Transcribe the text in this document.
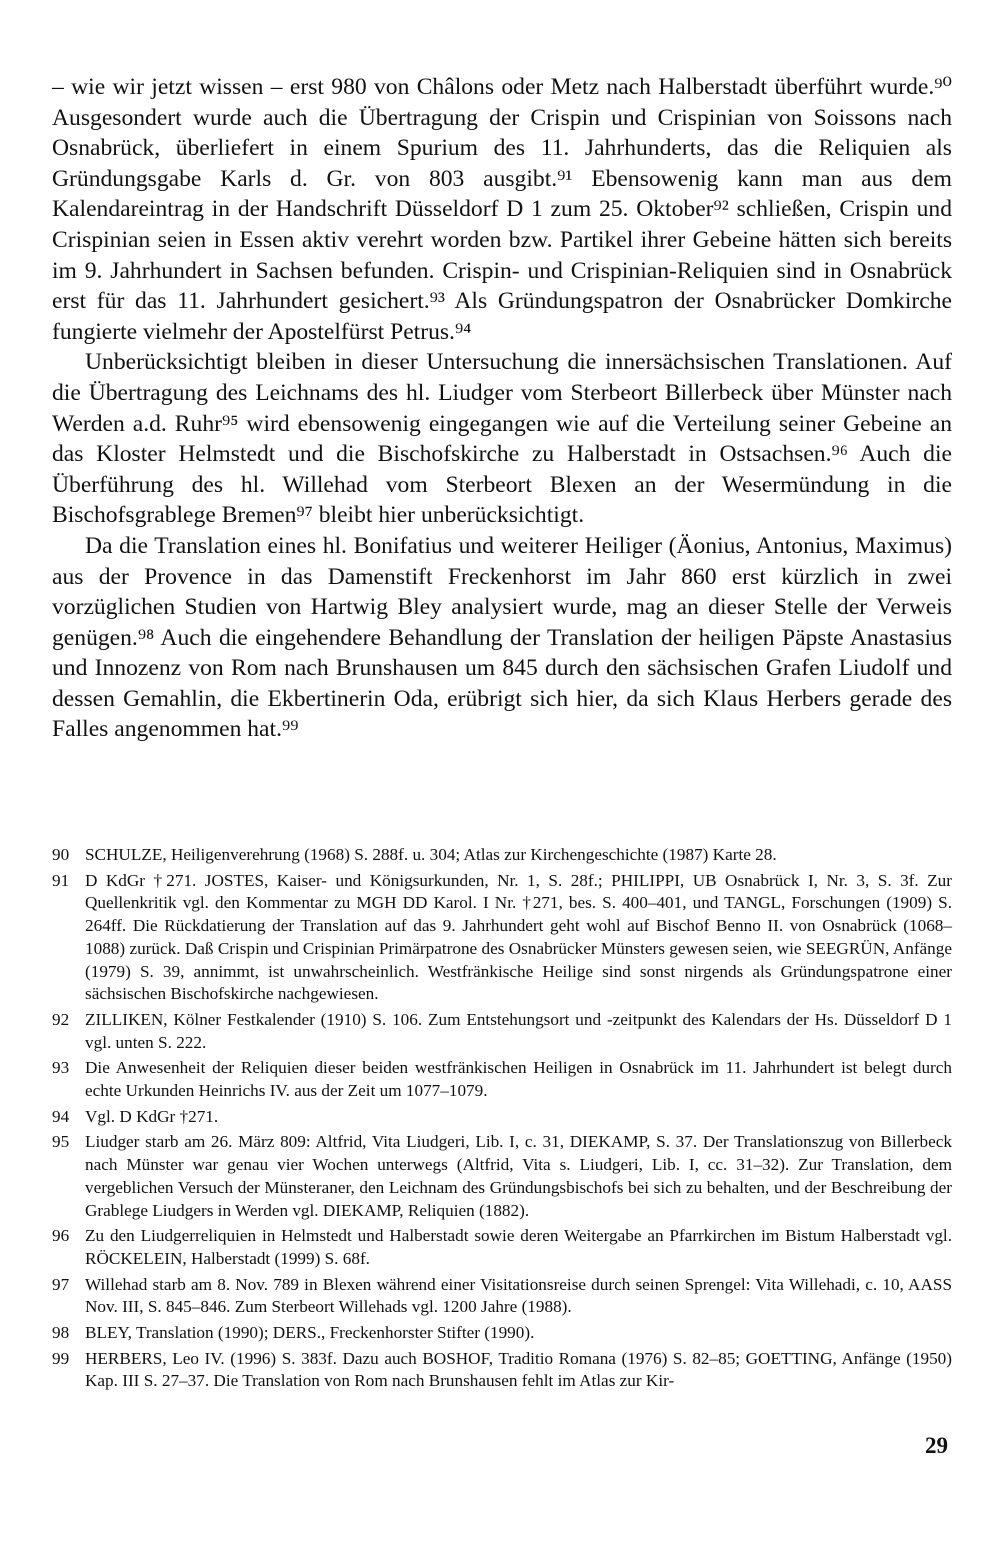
– wie wir jetzt wissen – erst 980 von Châlons oder Metz nach Halberstadt überführt wurde.⁹⁰ Ausgesondert wurde auch die Übertragung der Crispin und Crispinian von Soissons nach Osnabrück, überliefert in einem Spurium des 11. Jahrhunderts, das die Reliquien als Gründungsgabe Karls d. Gr. von 803 ausgibt.⁹¹ Ebensowenig kann man aus dem Kalendareintrag in der Handschrift Düsseldorf D 1 zum 25. Oktober⁹² schließen, Crispin und Crispinian seien in Essen aktiv verehrt worden bzw. Partikel ihrer Gebeine hätten sich bereits im 9. Jahrhundert in Sachsen befunden. Crispin- und Crispinian-Reliquien sind in Osnabrück erst für das 11. Jahrhundert gesichert.⁹³ Als Gründungspatron der Osnabrücker Domkirche fungierte vielmehr der Apostelfürst Petrus.⁹⁴

Unberücksichtigt bleiben in dieser Untersuchung die innersächsischen Translationen. Auf die Übertragung des Leichnams des hl. Liudger vom Sterbeort Billerbeck über Münster nach Werden a.d. Ruhr⁹⁵ wird ebensowenig eingegangen wie auf die Verteilung seiner Gebeine an das Kloster Helmstedt und die Bischofskirche zu Halberstadt in Ostsachsen.⁹⁶ Auch die Überführung des hl. Willehad vom Sterbeort Blexen an der Wesermündung in die Bischofsgrablege Bremen⁹⁷ bleibt hier unberücksichtigt.

Da die Translation eines hl. Bonifatius und weiterer Heiliger (Äonius, Antonius, Maximus) aus der Provence in das Damenstift Freckenhorst im Jahr 860 erst kürzlich in zwei vorzüglichen Studien von Hartwig Bley analysiert wurde, mag an dieser Stelle der Verweis genügen.⁹⁸ Auch die eingehendere Behandlung der Translation der heiligen Päpste Anastasius und Innozenz von Rom nach Brunshausen um 845 durch den sächsischen Grafen Liudolf und dessen Gemahlin, die Ekbertinerin Oda, erübrigt sich hier, da sich Klaus Herbers gerade des Falles angenommen hat.⁹⁹

90 SCHULZE, Heiligenverehrung (1968) S. 288f. u. 304; Atlas zur Kirchengeschichte (1987) Karte 28.
91 D KdGr †271. JOSTES, Kaiser- und Königsurkunden, Nr. 1, S. 28f.; PHILIPPI, UB Osnabrück I, Nr. 3, S. 3f. Zur Quellenkritik vgl. den Kommentar zu MGH DD Karol. I Nr. †271, bes. S. 400–401, und TANGL, Forschungen (1909) S. 264ff. Die Rückdatierung der Translation auf das 9. Jahrhundert geht wohl auf Bischof Benno II. von Osnabrück (1068–1088) zurück. Daß Crispin und Crispinian Primärpatrone des Osnabrücker Münsters gewesen seien, wie SEEGRÜN, Anfänge (1979) S. 39, annimmt, ist unwahrscheinlich. Westfränkische Heilige sind sonst nirgends als Gründungspatrone einer sächsischen Bischofskirche nachgewiesen.
92 ZILLIKEN, Kölner Festkalender (1910) S. 106. Zum Entstehungsort und -zeitpunkt des Kalendars der Hs. Düsseldorf D 1 vgl. unten S. 222.
93 Die Anwesenheit der Reliquien dieser beiden westfränkischen Heiligen in Osnabrück im 11. Jahrhundert ist belegt durch echte Urkunden Heinrichs IV. aus der Zeit um 1077–1079.
94 Vgl. D KdGr †271.
95 Liudger starb am 26. März 809: Altfrid, Vita Liudgeri, Lib. I, c. 31, DIEKAMP, S. 37. Der Translationszug von Billerbeck nach Münster war genau vier Wochen unterwegs (Altfrid, Vita s. Liudgeri, Lib. I, cc. 31–32). Zur Translation, dem vergeblichen Versuch der Münsteraner, den Leichnam des Gründungsbischofs bei sich zu behalten, und der Beschreibung der Grablege Liudgers in Werden vgl. DIEKAMP, Reliquien (1882).
96 Zu den Liudgerreliquien in Helmstedt und Halberstadt sowie deren Weitergabe an Pfarrkirchen im Bistum Halberstadt vgl. RÖCKELEIN, Halberstadt (1999) S. 68f.
97 Willehad starb am 8. Nov. 789 in Blexen während einer Visitationsreise durch seinen Sprengel: Vita Willehadi, c. 10, AASS Nov. III, S. 845–846. Zum Sterbeort Willehads vgl. 1200 Jahre (1988).
98 BLEY, Translation (1990); DERS., Freckenhorster Stifter (1990).
99 HERBERS, Leo IV. (1996) S. 383f. Dazu auch BOSHOF, Traditio Romana (1976) S. 82–85; GOETTING, Anfänge (1950) Kap. III S. 27–37. Die Translation von Rom nach Brunshausen fehlt im Atlas zur Kir-
29
